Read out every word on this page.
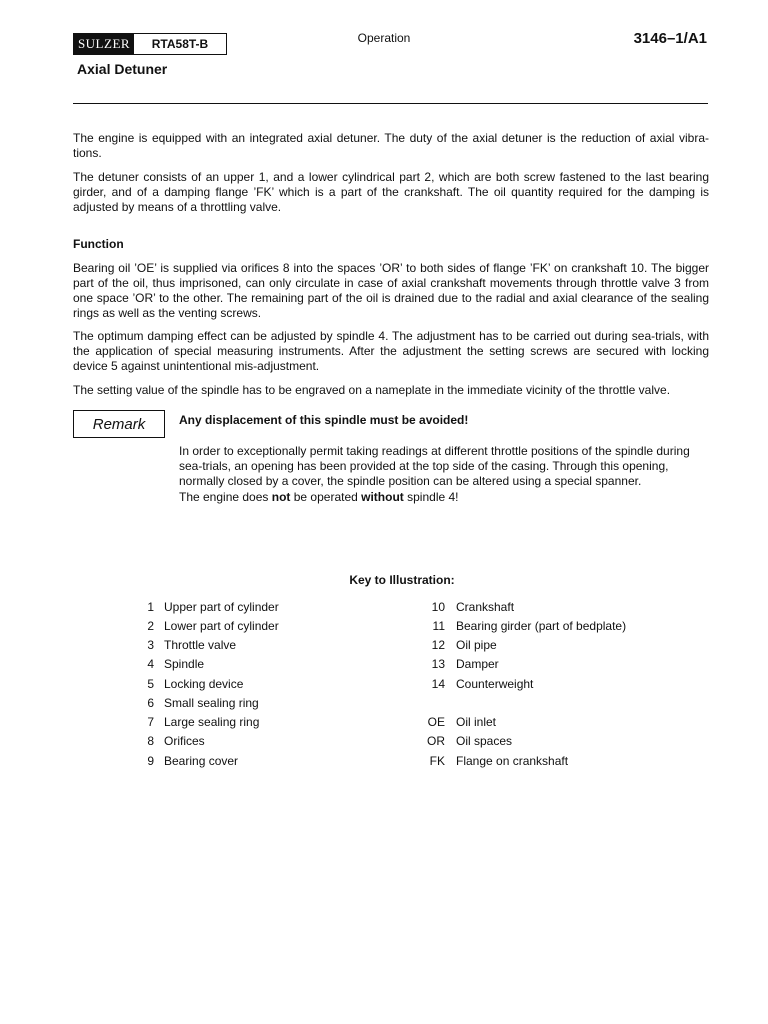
SULZER	RTA58T-B	Operation	3146–1/A1
Axial Detuner

The engine is equipped with an integrated axial detuner. The duty of the axial detuner is the reduction of axial vibrations.

The detuner consists of an upper 1, and a lower cylindrical part 2, which are both screw fastened to the last bearing girder, and of a damping flange ’FK’ which is a part of the crankshaft. The oil quantity required for the damping is adjusted by means of a throttling valve.

Function

Bearing oil ’OE’ is supplied via orifices 8 into the spaces ’OR’ to both sides of flange ’FK’ on crankshaft 10. The bigger part of the oil, thus imprisoned, can only circulate in case of axial crankshaft movements through throttle valve 3 from one space ’OR’ to the other. The remaining part of the oil is drained due to the radial and axial clearance of the sealing rings as well as the venting screws.

The optimum damping effect can be adjusted by spindle 4. The adjustment has to be carried out during sea-trials, with the application of special measuring instruments. After the adjustment the setting screws are secured with locking device 5 against unintentional mis-adjustment.

The setting value of the spindle has to be engraved on a nameplate in the immediate vicinity of the throttle valve.

Remark	Any displacement of this spindle must be avoided!

In order to exceptionally permit taking readings at different throttle positions of the spindle during sea-trials, an opening has been provided at the top side of the casing. Through this opening, normally closed by a cover, the spindle position can be altered using a special spanner.

The engine does not be operated without spindle 4!

Key to Illustration:
1 Upper part of cylinder
2 Lower part of cylinder
3 Throttle valve
4 Spindle
5 Locking device
6 Small sealing ring
7 Large sealing ring
8 Orifices
9 Bearing cover
10 Crankshaft
11 Bearing girder (part of bedplate)
12 Oil pipe
13 Damper
14 Counterweight
OE Oil inlet
OR Oil spaces
FK Flange on crankshaft
